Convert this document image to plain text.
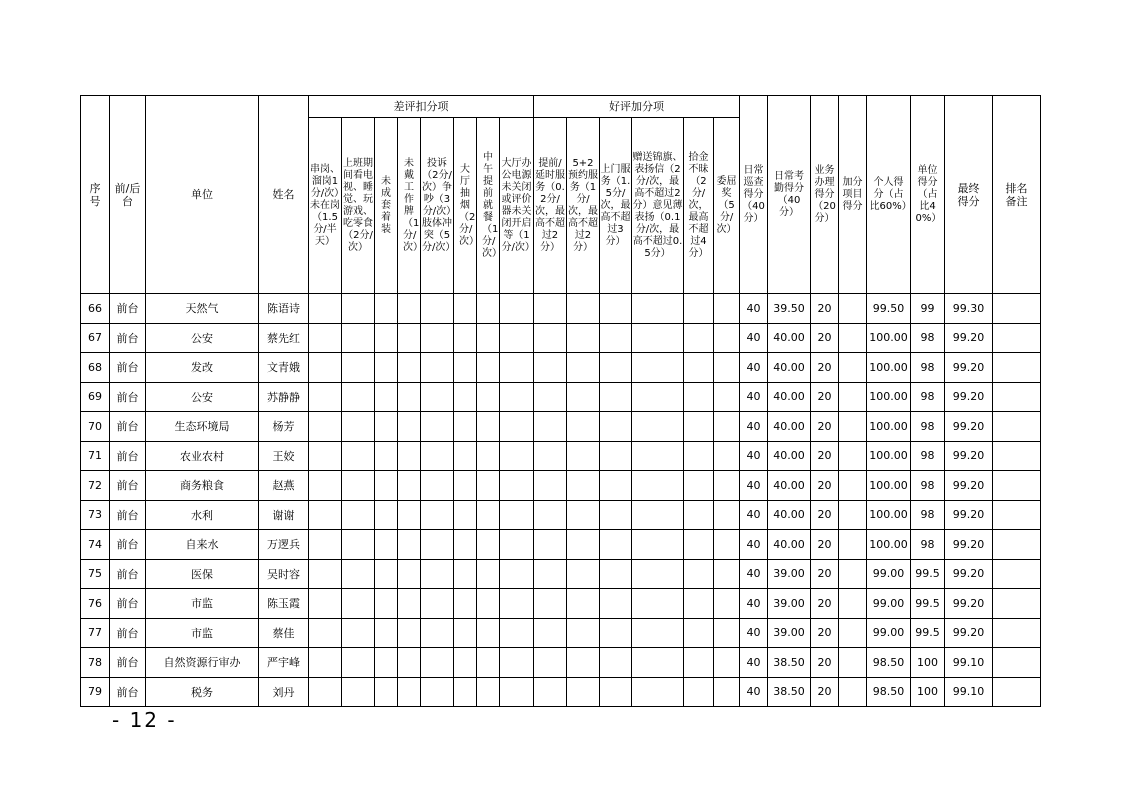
序号	前/后台	单位	姓名	差评扣分项								好评加分项						日常巡查得分（40分）	日常考勤得分（40分）	业务办理得分（20分）	加分项目得分	个人得分（占比60%）	单位得分（占比40%）	最终得分	排名备注

				串岗、溜岗1分/次）未在岗（1.5分/半天）	上班期间看电视、睡觉、玩游戏、吃零食（2分/次）	未成套着装	未戴工作牌（1分/次）	投诉（2分/次）争吵（3分/次）肢体冲突（5分/次）	大厅抽烟（2分/次）	中午提前就餐（1分/次）	大厅办公电源未关闭或评价器未关闭开启等（1分/次）	提前/延时服务（0.2分/次，最高不超过2分）	5+2预约服务（1分/次，最高不超过2分）	上门服务（1.5分/次，最高不超过3分）	赠送锦旗、表扬信（2分/次，最高不超过2分）意见薄表扬（0.1分/次，最高不超过0.5分）	拾金不昧（2分/次，最高不超过4分）	委屈奖（5分/次）								

66	前台	天然气	陈语诗															40	39.50	20		99.50	99	99.30	
67	前台	公安	蔡先红															40	40.00	20		100.00	98	99.20	
68	前台	发改	文青娥															40	40.00	20		100.00	98	99.20	
69	前台	公安	苏静静															40	40.00	20		100.00	98	99.20	
70	前台	生态环境局	杨芳															40	40.00	20		100.00	98	99.20	
71	前台	农业农村	王姣															40	40.00	20		100.00	98	99.20	
72	前台	商务粮食	赵燕															40	40.00	20		100.00	98	99.20	
73	前台	水利	谢谢															40	40.00	20		100.00	98	99.20	
74	前台	自来水	万逻兵															40	40.00	20		100.00	98	99.20	
75	前台	医保	吴时容															40	39.00	20		99.00	99.5	99.20	
76	前台	市监	陈玉霞															40	39.00	20		99.00	99.5	99.20	
77	前台	市监	蔡佳															40	39.00	20		99.00	99.5	99.20	
78	前台	自然资源行审办	严宇峰															40	38.50	20		98.50	100	99.10	
79	前台	税务	刘丹															40	38.50	20		98.50	100	99.10	
- 12 -
